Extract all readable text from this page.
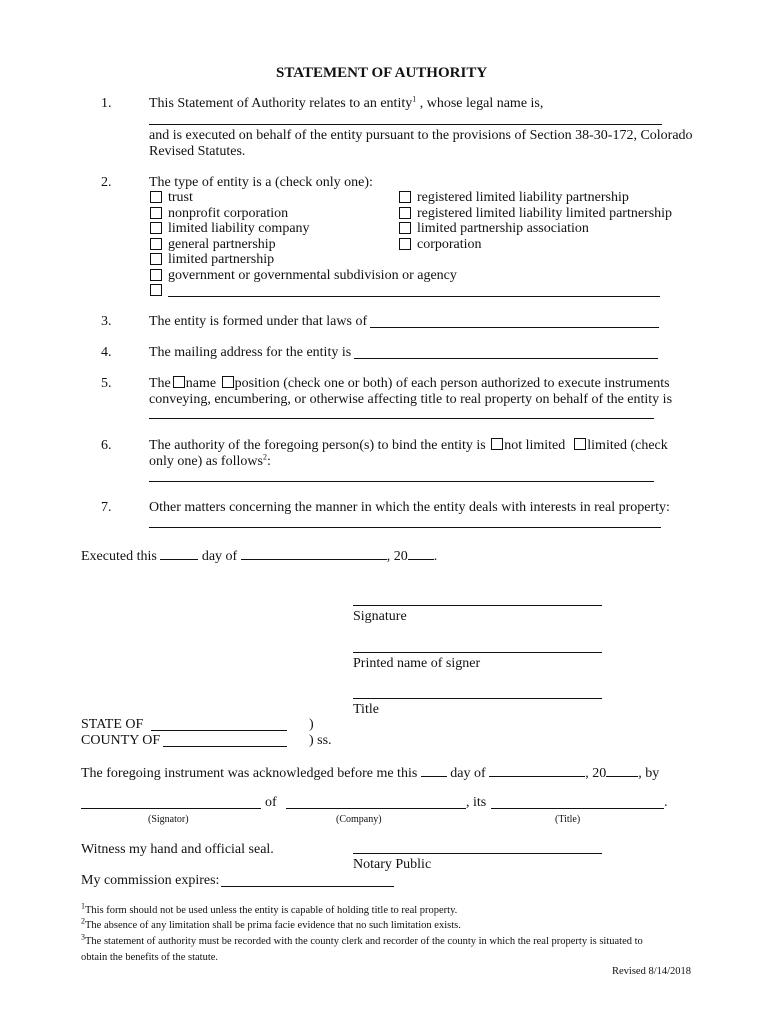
STATEMENT OF AUTHORITY
1.	This Statement of Authority relates to an entity$^1$ , whose legal name is,
and is executed on behalf of the entity pursuant to the provisions of Section 38-30-172, Colorado
Revised Statutes.
2.	The type of entity is a (check only one):
trust
nonprofit corporation
limited liability company
general partnership
limited partnership
government or governmental subdivision or agency
registered limited liability partnership
registered limited liability limited partnership
limited partnership association
corporation
3.	The entity is formed under that laws of
4.	The mailing address for the entity is
5.	The name position (check one or both) of each person authorized to execute instruments
conveying, encumbering, or otherwise affecting title to real property on behalf of the entity is
6.	The authority of the foregoing person(s) to bind the entity is not limited limited (check
only one) as follows$^2$:
7.	Other matters concerning the manner in which the entity deals with interests in real property:
Executed this	day of	, 20 .
Signature
Printed name of signer
Title
STATE OF	)
COUNTY OF	) ss.
The foregoing instrument was acknowledged before me this day of	, 20 , by
of	, its	.
(Signator)	(Company)	(Title)
Witness my hand and official seal.
Notary Public
My commission expires:
$^1$This form should not be used unless the entity is capable of holding title to real property.
$^2$The absence of any limitation shall be prima facie evidence that no such limitation exists.
$^3$The statement of authority must be recorded with the county clerk and recorder of the county in which the real property is situated to
obtain the benefits of the statute.
Revised 8/14/2018
